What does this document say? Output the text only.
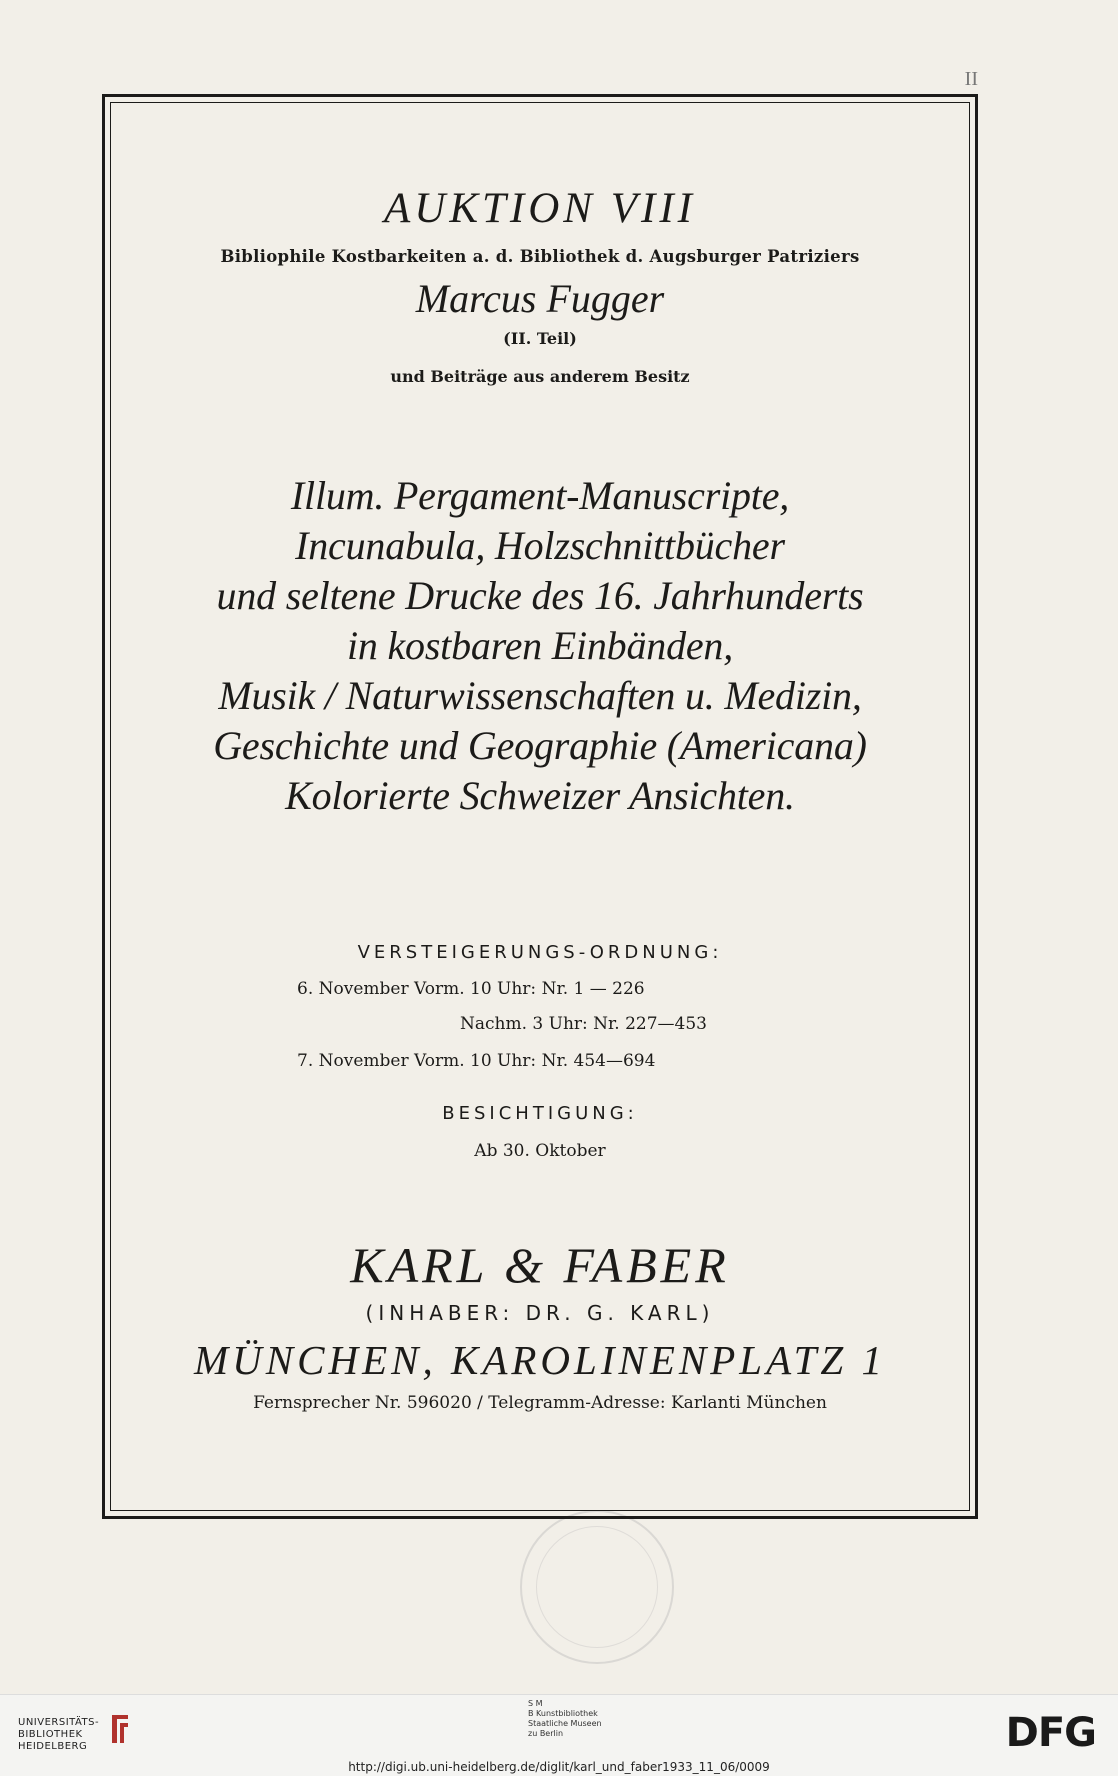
II

AUKTION VIII
Bibliophile Kostbarkeiten a. d. Bibliothek d. Augsburger Patriziers
Marcus Fugger
(II. Teil)
und Beiträge aus anderem Besitz
Illum. Pergament-Manuscripte,
Incunabula, Holzschnittbücher
und seltene Drucke des 16. Jahrhunderts
in kostbaren Einbänden,
Musik / Naturwissenschaften u. Medizin,
Geschichte und Geographie (Americana)
Kolorierte Schweizer Ansichten.
VERSTEIGERUNGS-ORDNUNG:
6. November Vorm. 10 Uhr: Nr. 1 — 226
Nachm. 3 Uhr: Nr. 227—453
7. November Vorm. 10 Uhr: Nr. 454—694
BESICHTIGUNG:
Ab 30. Oktober
KARL & FABER
(INHABER: DR. G. KARL)
MÜNCHEN, KAROLINENPLATZ 1
Fernsprecher Nr. 596020 / Telegramm-Adresse: Karlanti München
UNIVERSITÄTS-
BIBLIOTHEK
HEIDELBERG
S M
B Kunstbibliothek
Staatliche Museen
zu Berlin	DFG
http://digi.ub.uni-heidelberg.de/diglit/karl_und_faber1933_11_06/0009
